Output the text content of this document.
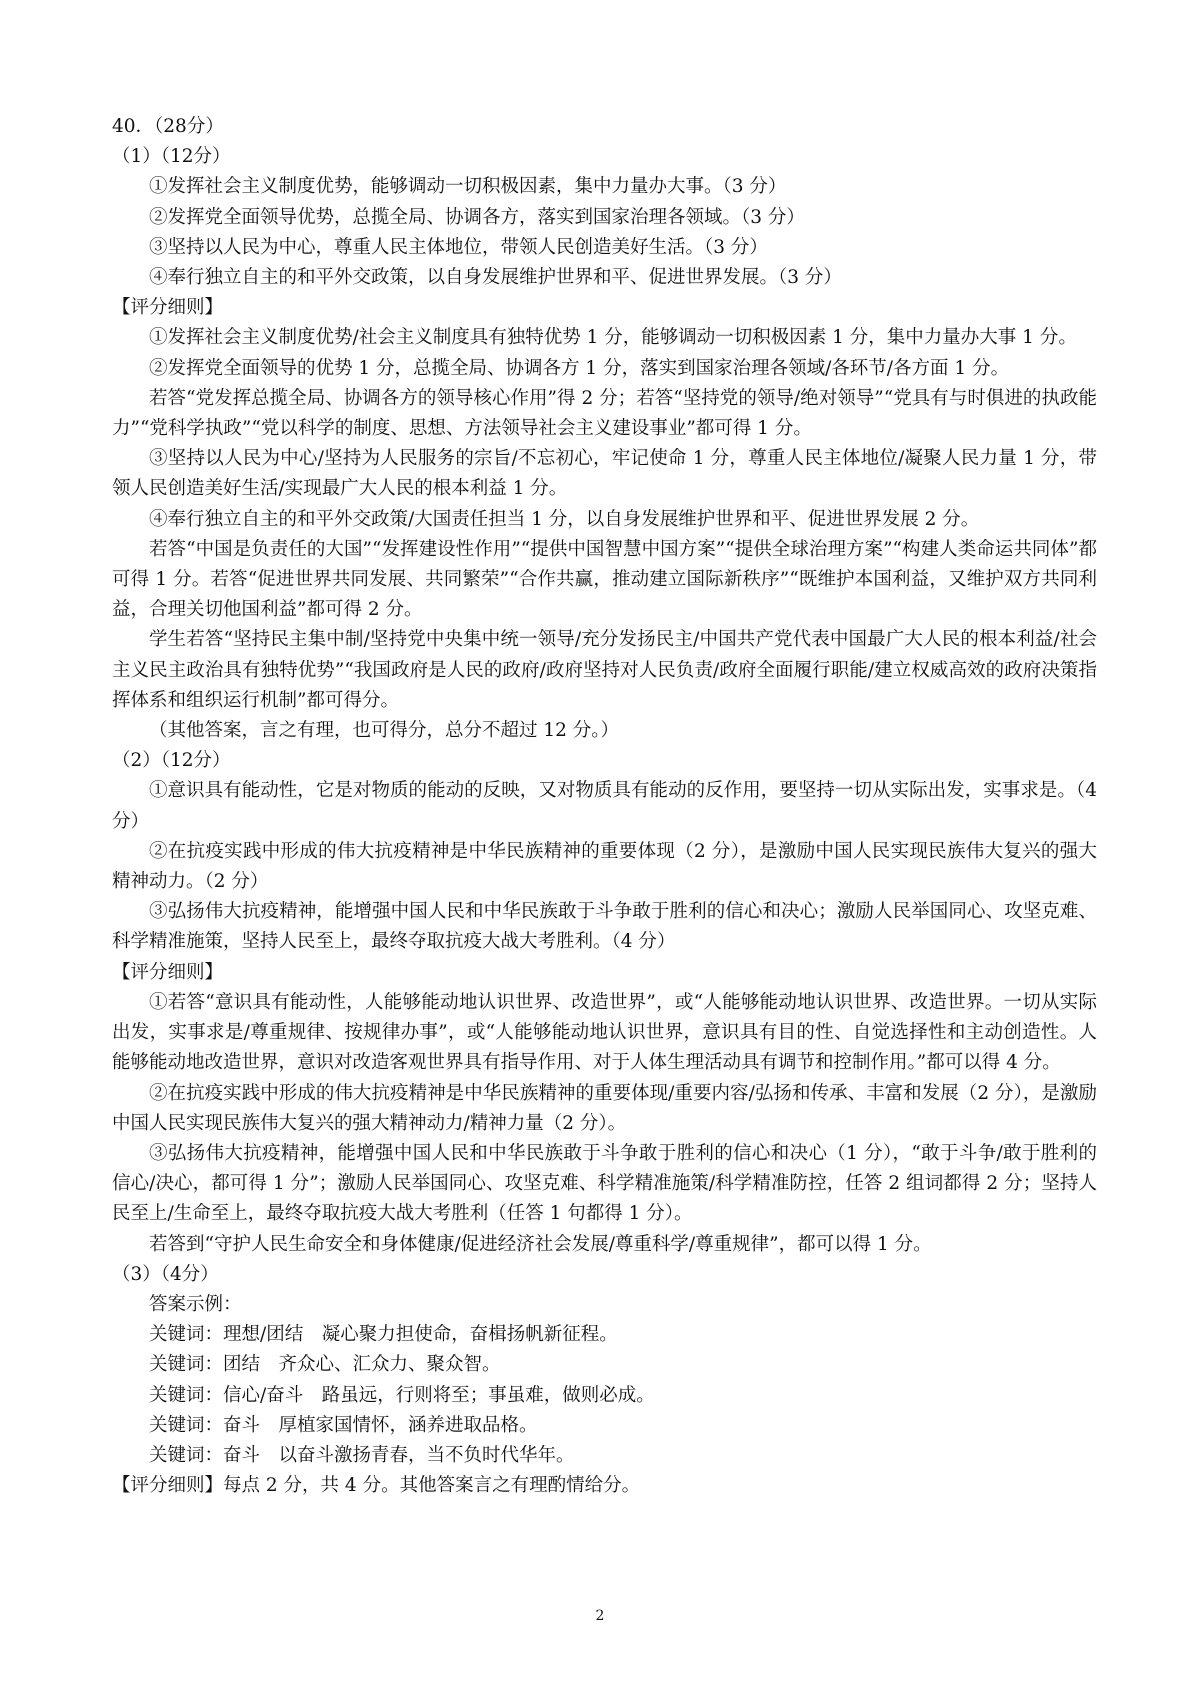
40．（28分）
（1）（12分）
①发挥社会主义制度优势，能够调动一切积极因素，集中力量办大事。（3 分）
②发挥党全面领导优势，总揽全局、协调各方，落实到国家治理各领域。（3 分）
③坚持以人民为中心，尊重人民主体地位，带领人民创造美好生活。（3 分）
④奉行独立自主的和平外交政策，以自身发展维护世界和平、促进世界发展。（3 分）
【评分细则】
①发挥社会主义制度优势/社会主义制度具有独特优势 1 分，能够调动一切积极因素 1 分，集中力量办大事 1 分。
②发挥党全面领导的优势 1 分，总揽全局、协调各方 1 分，落实到国家治理各领域/各环节/各方面 1 分。
若答“党发挥总揽全局、协调各方的领导核心作用”得 2 分；若答“坚持党的领导/绝对领导”“党具有与时俱进的执政能力”“党科学执政”“党以科学的制度、思想、方法领导社会主义建设事业”都可得 1 分。
③坚持以人民为中心/坚持为人民服务的宗旨/不忘初心，牢记使命 1 分，尊重人民主体地位/凝聚人民力量 1 分，带领人民创造美好生活/实现最广大人民的根本利益 1 分。
④奉行独立自主的和平外交政策/大国责任担当 1 分，以自身发展维护世界和平、促进世界发展 2 分。
若答“中国是负责任的大国”“发挥建设性作用”“提供中国智慧中国方案”“提供全球治理方案”“构建人类命运共同体”都可得 1 分。若答“促进世界共同发展、共同繁荣”“合作共赢，推动建立国际新秩序”“既维护本国利益，又维护双方共同利益，合理关切他国利益”都可得 2 分。
学生若答“坚持民主集中制/坚持党中央集中统一领导/充分发扬民主/中国共产党代表中国最广大人民的根本利益/社会主义民主政治具有独特优势”“我国政府是人民的政府/政府坚持对人民负责/政府全面履行职能/建立权威高效的政府决策指挥体系和组织运行机制”都可得分。
（其他答案，言之有理，也可得分，总分不超过 12 分。）
（2）（12分）
①意识具有能动性，它是对物质的能动的反映，又对物质具有能动的反作用，要坚持一切从实际出发，实事求是。（4 分）
②在抗疫实践中形成的伟大抗疫精神是中华民族精神的重要体现（2 分），是激励中国人民实现民族伟大复兴的强大精神动力。（2 分）
③弘扬伟大抗疫精神，能增强中国人民和中华民族敢于斗争敢于胜利的信心和决心；激励人民举国同心、攻坚克难、科学精准施策，坚持人民至上，最终夺取抗疫大战大考胜利。（4 分）
【评分细则】
①若答“意识具有能动性，人能够能动地认识世界、改造世界”，或“人能够能动地认识世界、改造世界。一切从实际出发，实事求是/尊重规律、按规律办事”，或“人能够能动地认识世界，意识具有目的性、自觉选择性和主动创造性。人能够能动地改造世界，意识对改造客观世界具有指导作用、对于人体生理活动具有调节和控制作用。”都可以得 4 分。
②在抗疫实践中形成的伟大抗疫精神是中华民族精神的重要体现/重要内容/弘扬和传承、丰富和发展（2 分），是激励中国人民实现民族伟大复兴的强大精神动力/精神力量（2 分）。
③弘扬伟大抗疫精神，能增强中国人民和中华民族敢于斗争敢于胜利的信心和决心（1 分），“敢于斗争/敢于胜利的信心/决心，都可得 1 分”；激励人民举国同心、攻坚克难、科学精准施策/科学精准防控，任答 2 组词都得 2 分；坚持人民至上/生命至上，最终夺取抗疫大战大考胜利（任答 1 句都得 1 分）。
若答到“守护人民生命安全和身体健康/促进经济社会发展/尊重科学/尊重规律”，都可以得 1 分。
（3）（4分）
答案示例：
关键词：理想/团结　凝心聚力担使命，奋楫扬帆新征程。
关键词：团结　齐众心、汇众力、聚众智。
关键词：信心/奋斗　路虽远，行则将至；事虽难，做则必成。
关键词：奋斗　厚植家国情怀，涵养进取品格。
关键词：奋斗　以奋斗激扬青春，当不负时代华年。
【评分细则】每点 2 分，共 4 分。其他答案言之有理酌情给分。
2
